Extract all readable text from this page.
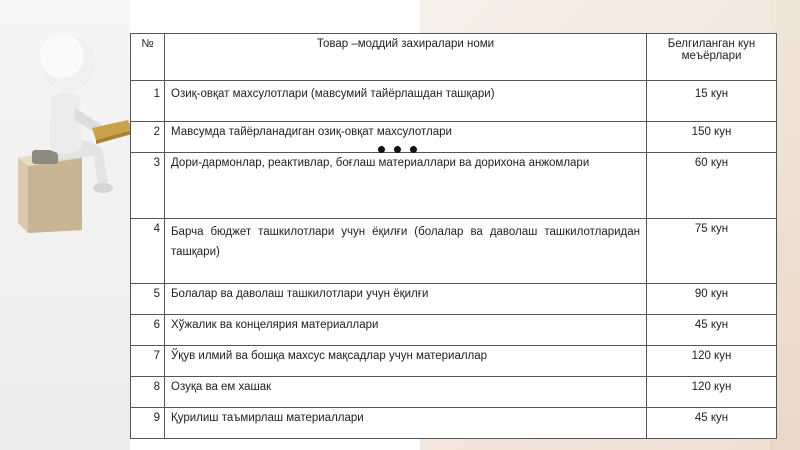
№	Товар –моддий захиралари номи	Белгиланган кун меъёрлари
1	Озиқ-овқат махсулотлари (мавсумий тайёрлашдан ташқари)	15 кун
2	Мавсумда тайёрланадиган озиқ-овқат махсулотлари	150 кун
3	Дори-дармонлар, реактивлар, боғлаш материаллари ва дорихона анжомлари	60 кун
4	Барча бюджет ташкилотлари учун ёқилғи (болалар ва даволаш ташкилотларидан ташқари)	75 кун
5	Болалар ва даволаш ташкилотлари учун ёқилғи	90 кун
6	Хўжалик ва концелярия материаллари	45 кун
7	Ўқув илмий ва бошқа махсус мақсадлар учун материаллар	120 кун
8	Озуқа ва ем хашак	120 кун
9	Қурилиш таъмирлаш материаллари	45 кун
